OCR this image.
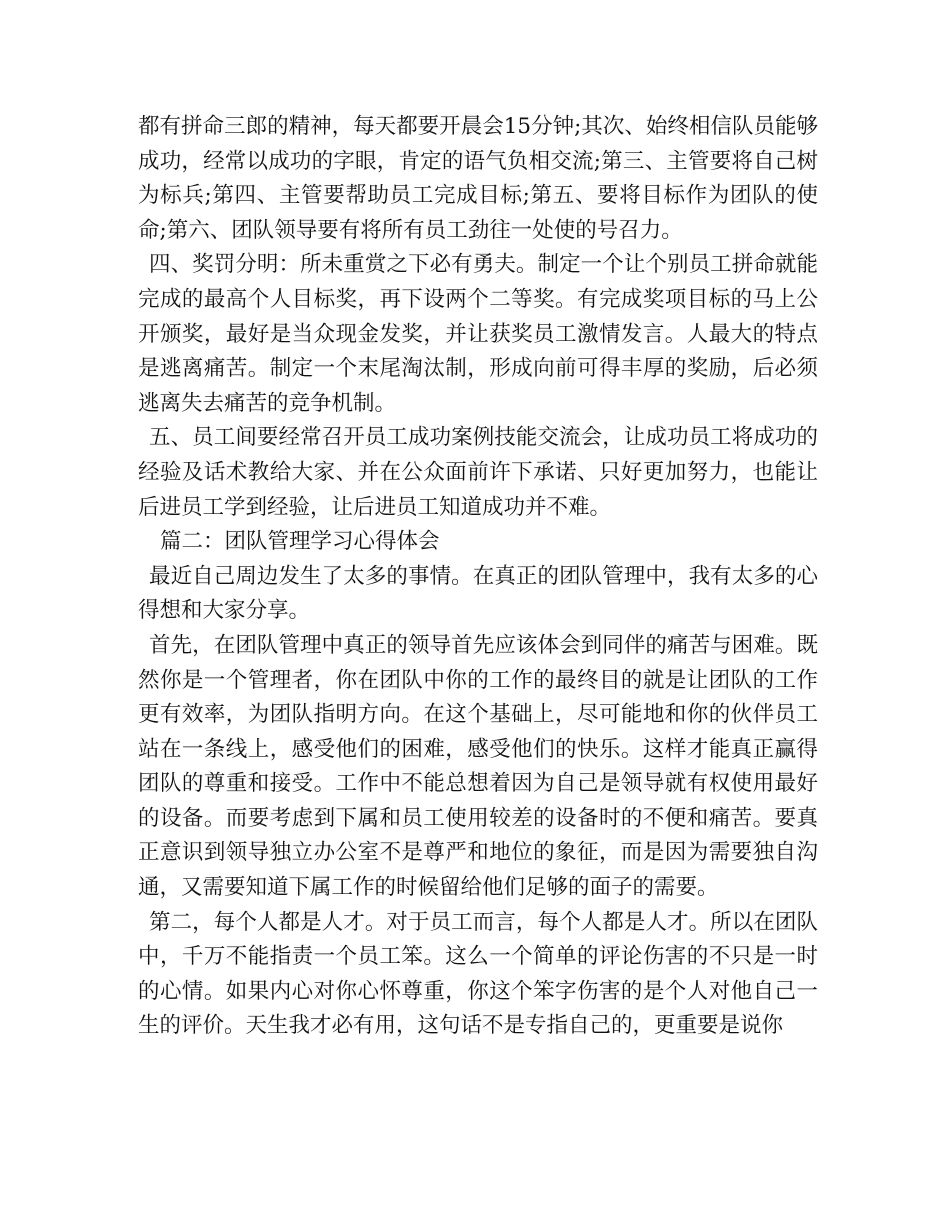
都有拼命三郎的精神，每天都要开晨会15分钟;其次、始终相信队员能够成功，经常以成功的字眼，肯定的语气负相交流;第三、主管要将自己树为标兵;第四、主管要帮助员工完成目标;第五、要将目标作为团队的使命;第六、团队领导要有将所有员工劲往一处使的号召力。

四、奖罚分明：所未重赏之下必有勇夫。制定一个让个别员工拼命就能完成的最高个人目标奖，再下设两个二等奖。有完成奖项目标的马上公开颁奖，最好是当众现金发奖，并让获奖员工激情发言。人最大的特点是逃离痛苦。制定一个末尾淘汰制，形成向前可得丰厚的奖励，后必须逃离失去痛苦的竞争机制。

五、员工间要经常召开员工成功案例技能交流会，让成功员工将成功的经验及话术教给大家、并在公众面前许下承诺、只好更加努力，也能让后进员工学到经验，让后进员工知道成功并不难。

篇二：团队管理学习心得体会

最近自己周边发生了太多的事情。在真正的团队管理中，我有太多的心得想和大家分享。

首先，在团队管理中真正的领导首先应该体会到同伴的痛苦与困难。既然你是一个管理者，你在团队中你的工作的最终目的就是让团队的工作更有效率，为团队指明方向。在这个基础上，尽可能地和你的伙伴员工站在一条线上，感受他们的困难，感受他们的快乐。这样才能真正赢得团队的尊重和接受。工作中不能总想着因为自己是领导就有权使用最好的设备。而要考虑到下属和员工使用较差的设备时的不便和痛苦。要真正意识到领导独立办公室不是尊严和地位的象征，而是因为需要独自沟通，又需要知道下属工作的时候留给他们足够的面子的需要。

第二，每个人都是人才。对于员工而言，每个人都是人才。所以在团队中，千万不能指责一个员工笨。这么一个简单的评论伤害的不只是一时的心情。如果内心对你心怀尊重，你这个笨字伤害的是个人对他自己一生的评价。天生我才必有用，这句话不是专指自己的，更重要是说你
